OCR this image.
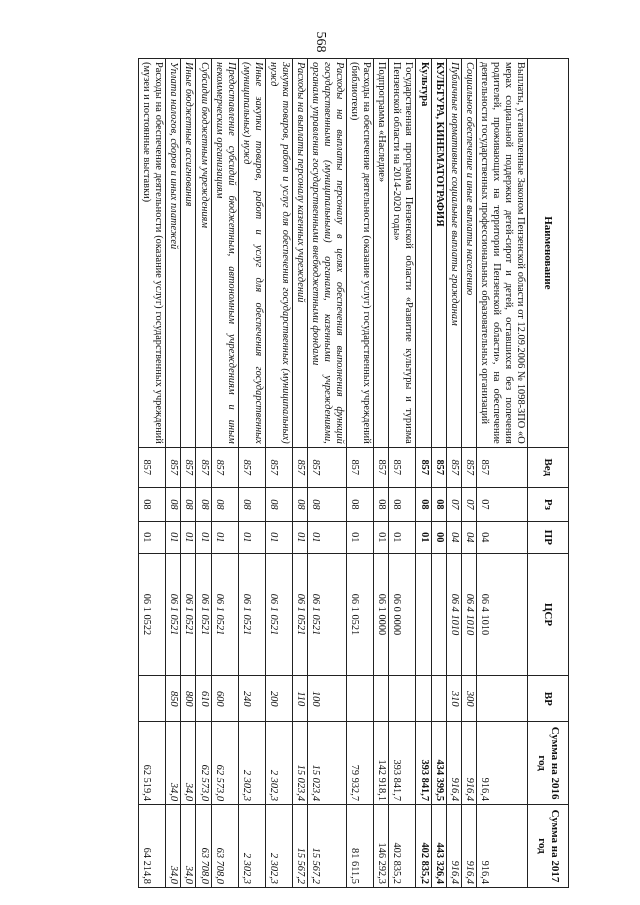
568
Наименование	Вед	Рз	ПР	ЦСР	ВР	Сумма на 2016 год	Сумма на 2017 год
Выплаты, установленные Законом Пензенской области от 12.09.2006 № 1098-ЗПО «О мерах социальной поддержки детей-сирот и детей, оставшихся без попечения родителей, проживающих на территории Пензенской области», на обеспечение деятельности государственных профессиональных образовательных организаций	857	07	04	06 4 1010		916,4	916,4
Социальное обеспечение и иные выплаты населению	857	07	04	06 4 1010	300	916,4	916,4
Публичные нормативные социальные выплаты гражданам	857	07	04	06 4 1010	310	916,4	916,4
КУЛЬТУРА, КИНЕМАТОГРАФИЯ	857	08	00			434 399,5	443 326,4
Культура	857	08	01			393 841,7	402 835,2
Государственная программа Пензенской области «Развитие культуры и туризма Пензенской области на 2014-2020 годы»	857	08	01	06 0 0000		393 841,7	402 835,2
Подпрограмма «Наследие»	857	08	01	06 1 0000		142 918,1	146 292,3
Расходы на обеспечение деятельности (оказание услуг) государственных учреждений (библиотеки)	857	08	01	06 1 0521		79 932,7	81 611,5
Расходы на выплаты персоналу в целях обеспечения выполнения функций государственными (муниципальными) органами, казенными учреждениями, органами управления государственными внебюджетными фондами	857	08	01	06 1 0521	100	15 023,4	15 567,2
Расходы на выплаты персоналу казенных учреждений	857	08	01	06 1 0521	110	15 023,4	15 567,2
Закупка товаров, работ и услуг для обеспечения государственных (муниципальных) нужд	857	08	01	06 1 0521	200	2 302,3	2 302,3
Иные закупки товаров, работ и услуг для обеспечения государственных (муниципальных) нужд	857	08	01	06 1 0521	240	2 302,3	2 302,3
Предоставление субсидий бюджетным, автономным учреждениям и иным некоммерческим организациям	857	08	01	06 1 0521	600	62 573,0	63 708,0
Субсидии бюджетным учреждениям	857	08	01	06 1 0521	610	62 573,0	63 708,0
Иные бюджетные ассигнования	857	08	01	06 1 0521	800	34,0	34,0
Уплата налогов, сборов и иных платежей	857	08	01	06 1 0521	850	34,0	34,0
Расходы на обеспечение деятельности (оказание услуг) государственных учреждений (музеи и постоянные выставки)	857	08	01	06 1 0522		62 519,4	64 214,8
